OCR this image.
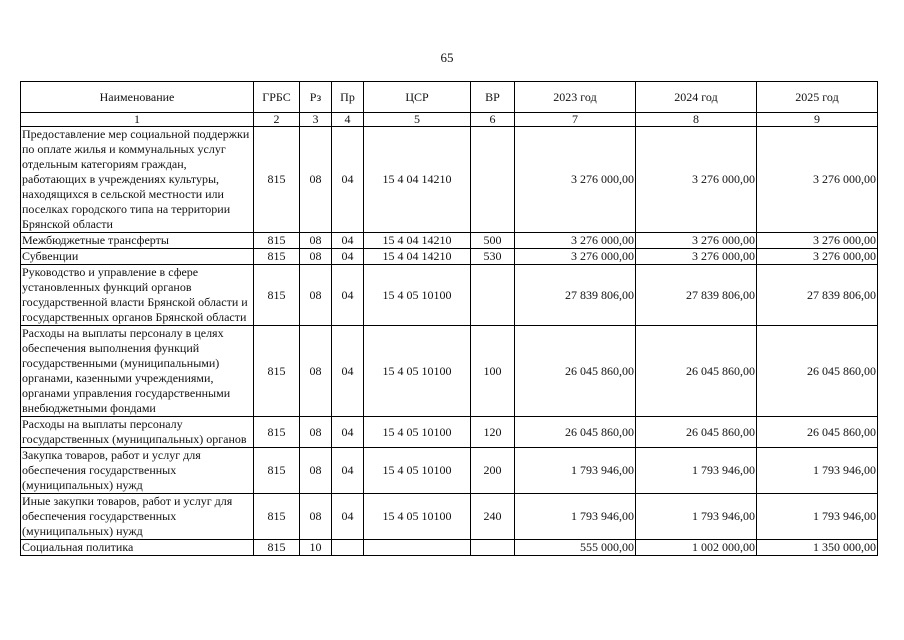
65
Наименование	ГРБС	Рз	Пр	ЦСР	ВР	2023 год	2024 год	2025 год
1	2	3	4	5	6	7	8	9
Предоставление мер социальной поддержки по оплате жилья и коммунальных услуг отдельным категориям граждан, работающих в учреждениях культуры, находящихся в сельской местности или поселках городского типа на территории Брянской области	815	08	04	15 4 04 14210		3 276 000,00	3 276 000,00	3 276 000,00
Межбюджетные трансферты	815	08	04	15 4 04 14210	500	3 276 000,00	3 276 000,00	3 276 000,00
Субвенции	815	08	04	15 4 04 14210	530	3 276 000,00	3 276 000,00	3 276 000,00
Руководство и управление в сфере установленных функций органов государственной власти Брянской области и государственных органов Брянской области	815	08	04	15 4 05 10100		27 839 806,00	27 839 806,00	27 839 806,00
Расходы на выплаты персоналу в целях обеспечения выполнения функций государственными (муниципальными) органами, казенными учреждениями, органами управления государственными внебюджетными фондами	815	08	04	15 4 05 10100	100	26 045 860,00	26 045 860,00	26 045 860,00
Расходы на выплаты персоналу государственных (муниципальных) органов	815	08	04	15 4 05 10100	120	26 045 860,00	26 045 860,00	26 045 860,00
Закупка товаров, работ и услуг для обеспечения государственных (муниципальных) нужд	815	08	04	15 4 05 10100	200	1 793 946,00	1 793 946,00	1 793 946,00
Иные закупки товаров, работ и услуг для обеспечения государственных (муниципальных) нужд	815	08	04	15 4 05 10100	240	1 793 946,00	1 793 946,00	1 793 946,00
Социальная политика	815	10				555 000,00	1 002 000,00	1 350 000,00
